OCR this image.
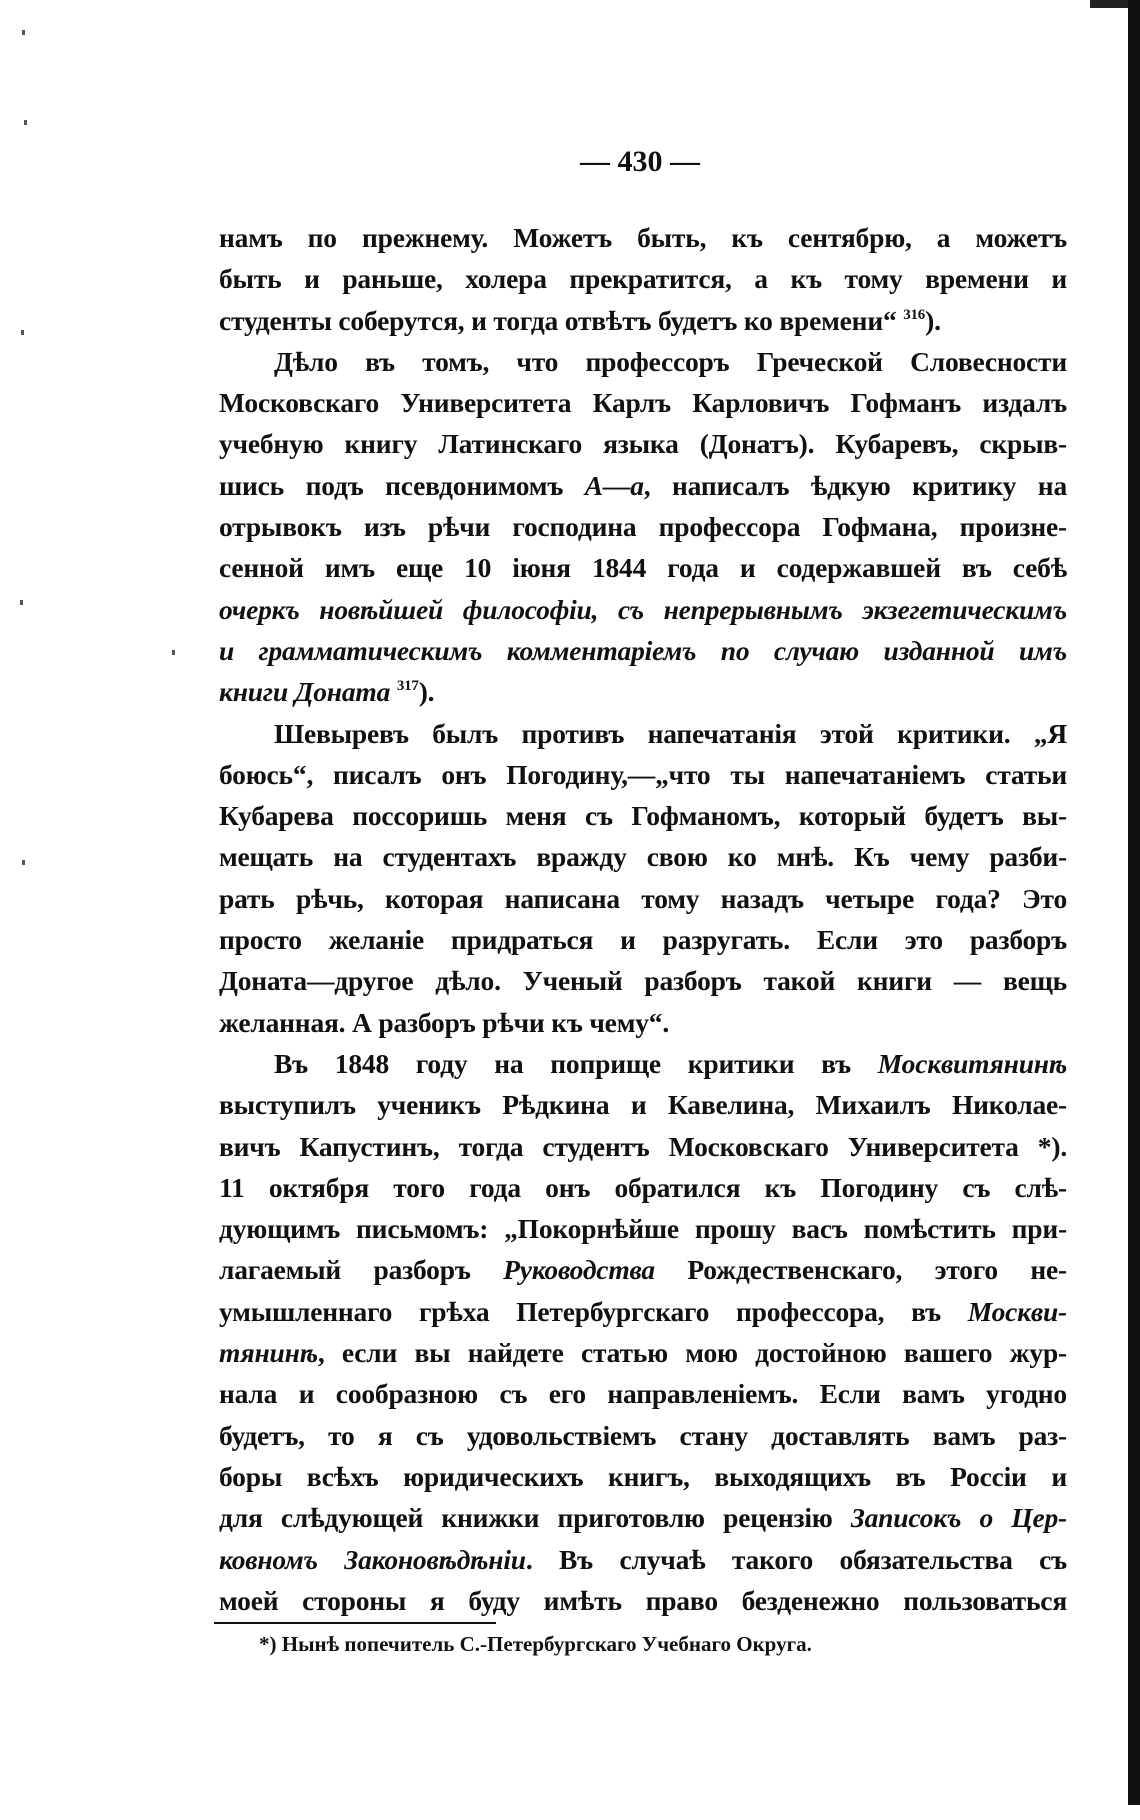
— 430 —
намъ по прежнему. Можетъ быть, къ сентябрю, а можетъ
быть и раньше, холера прекратится, а къ тому времени и
студенты соберутся, и тогда отвѣтъ будетъ ко времени“ $^{316}$).
Дѣло въ томъ, что профессоръ Греческой Словесности
Московскаго Университета Карлъ Карловичъ Гофманъ издалъ
учебную книгу Латинскаго языка (Донатъ). Кубаревъ, скрыв-
шись подъ псевдонимомъ А—а, написалъ ѣдкую критику на
отрывокъ изъ рѣчи господина профессора Гофмана, произне-
сенной имъ еще 10 іюня 1844 года и содержавшей въ себѣ
очеркъ новѣйшей философіи, съ непрерывнымъ экзегетическимъ
и грамматическимъ комментаріемъ по случаю изданной имъ
книги Доната $^{317}$).
Шевыревъ былъ противъ напечатанія этой критики. „Я
боюсь“, писалъ онъ Погодину,—„что ты напечатаніемъ статьи
Кубарева поссоришь меня съ Гофманомъ, который будетъ вы-
мещать на студентахъ вражду свою ко мнѣ. Къ чему разби-
рать рѣчь, которая написана тому назадъ четыре года? Это
просто желаніе придраться и разругать. Если это разборъ
Доната—другое дѣло. Ученый разборъ такой книги — вещь
желанная. А разборъ рѣчи къ чему“.
Въ 1848 году на поприще критики въ Москвитянинѣ
выступилъ ученикъ Рѣдкина и Кавелина, Михаилъ Николае-
вичъ Капустинъ, тогда студентъ Московскаго Университета *).
11 октября того года онъ обратился къ Погодину съ слѣ-
дующимъ письмомъ: „Покорнѣйше прошу васъ помѣстить при-
лагаемый разборъ Руководства Рождественскаго, этого не-
умышленнаго грѣха Петербургскаго профессора, въ Москви-
тянинѣ, если вы найдете статью мою достойною вашего жур-
нала и сообразною съ его направленіемъ. Если вамъ угодно
будетъ, то я съ удовольствіемъ стану доставлять вамъ раз-
боры всѣхъ юридическихъ книгъ, выходящихъ въ Россіи и
для слѣдующей книжки приготовлю рецензію Записокъ о Цер-
ковномъ Законовѣдѣніи. Въ случаѣ такого обязательства съ
моей стороны я буду имѣть право безденежно пользоваться
*) Нынѣ попечитель С.-Петербургскаго Учебнаго Округа.
